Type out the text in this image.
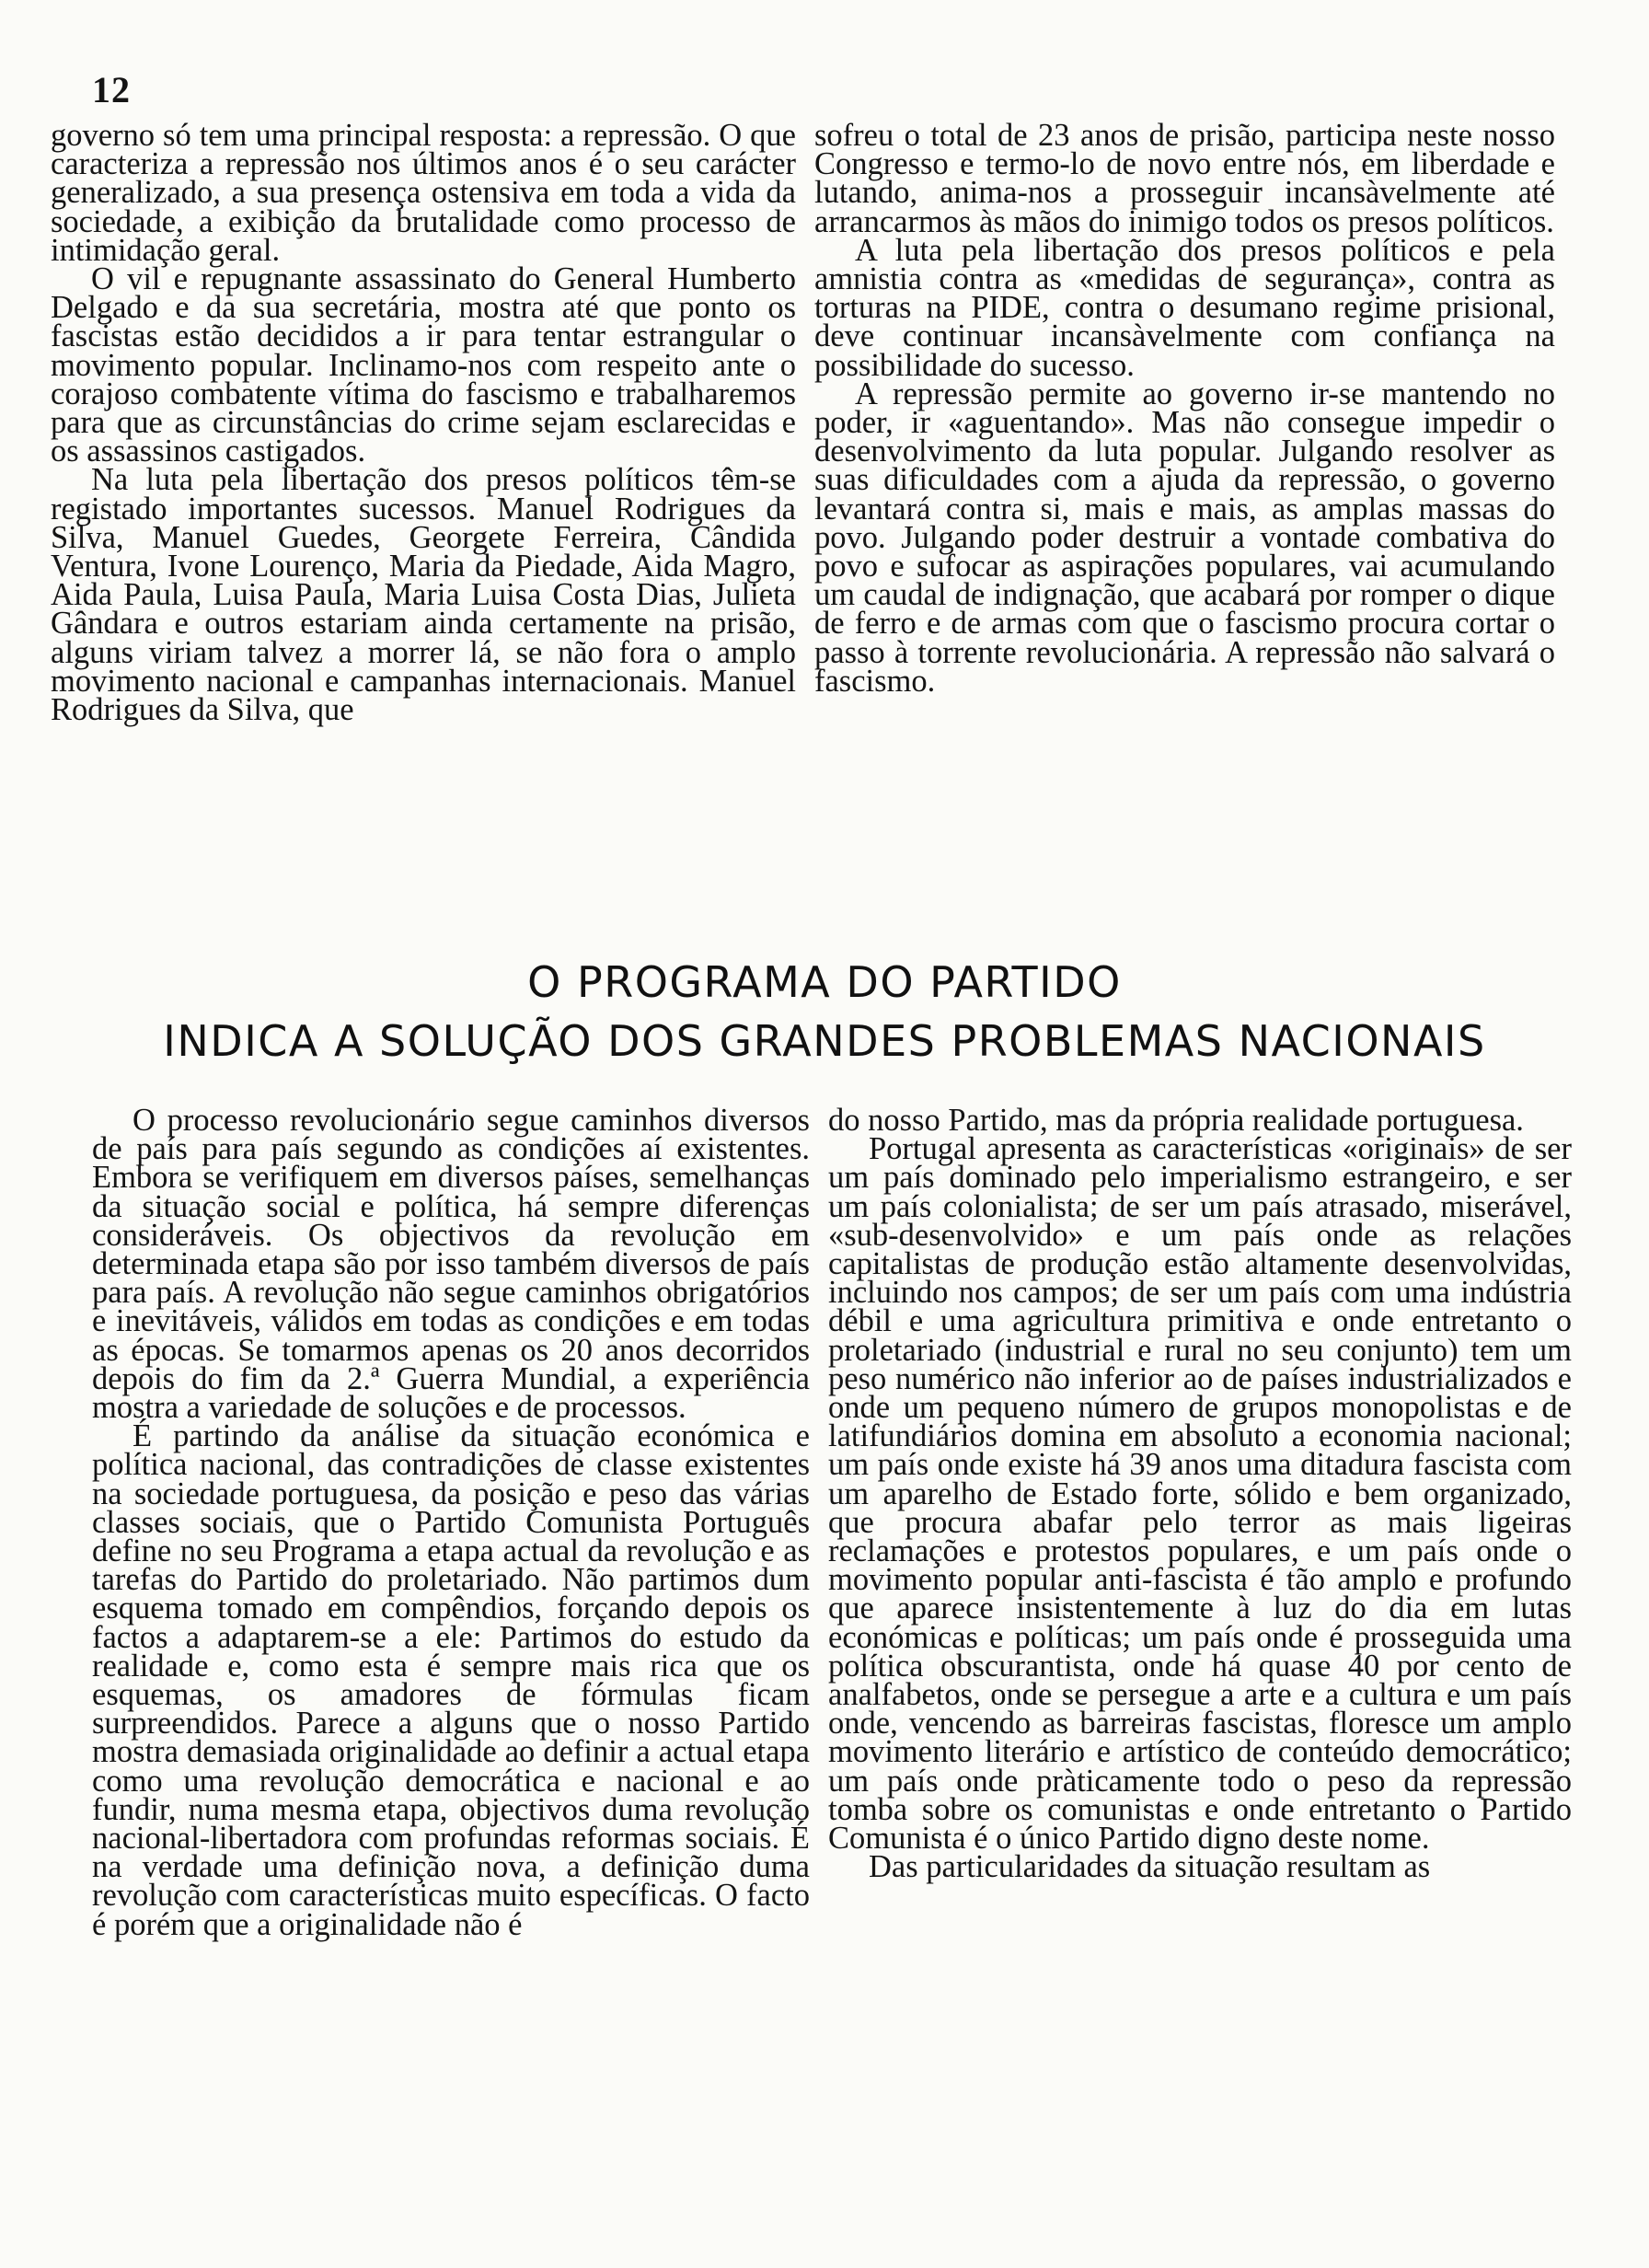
12

governo só tem uma principal resposta: a repressão. O que caracteriza a repressão nos últimos anos é o seu carácter generalizado, a sua presença ostensiva em toda a vida da sociedade, a exibição da brutalidade como processo de intimidação geral.

O vil e repugnante assassinato do General Humberto Delgado e da sua secretária, mostra até que ponto os fascistas estão decididos a ir para tentar estrangular o movimento popular. Inclinamo-nos com respeito ante o corajoso combatente vítima do fascismo e trabalharemos para que as circunstâncias do crime sejam esclarecidas e os assassinos castigados.

Na luta pela libertação dos presos políticos têm-se registado importantes sucessos. Manuel Rodrigues da Silva, Manuel Guedes, Georgete Ferreira, Cândida Ventura, Ivone Lourenço, Maria da Piedade, Aida Magro, Aida Paula, Luisa Paula, Maria Luisa Costa Dias, Julieta Gândara e outros estariam ainda certamente na prisão, alguns viriam talvez a morrer lá, se não fora o amplo movimento nacional e campanhas internacionais. Manuel Rodrigues da Silva, que

sofreu o total de 23 anos de prisão, participa neste nosso Congresso e termo-lo de novo entre nós, em liberdade e lutando, anima-nos a prosseguir incansàvelmente até arrancarmos às mãos do inimigo todos os presos políticos.

A luta pela libertação dos presos políticos e pela amnistia contra as «medidas de segurança», contra as torturas na PIDE, contra o desumano regime prisional, deve continuar incansàvelmente com confiança na possibilidade do sucesso.

A repressão permite ao governo ir-se mantendo no poder, ir «aguentando». Mas não consegue impedir o desenvolvimento da luta popular. Julgando resolver as suas dificuldades com a ajuda da repressão, o governo levantará contra si, mais e mais, as amplas massas do povo. Julgando poder destruir a vontade combativa do povo e sufocar as aspirações populares, vai acumulando um caudal de indignação, que acabará por romper o dique de ferro e de armas com que o fascismo procura cortar o passo à torrente revolucionária. A repressão não salvará o fascismo.

O PROGRAMA DO PARTIDO
INDICA A SOLUÇÃO DOS GRANDES PROBLEMAS NACIONAIS

O processo revolucionário segue caminhos diversos de país para país segundo as condições aí existentes. Embora se verifiquem em diversos países, semelhanças da situação social e política, há sempre diferenças consideráveis. Os objectivos da revolução em determinada etapa são por isso também diversos de país para país. A revolução não segue caminhos obrigatórios e inevitáveis, válidos em todas as condições e em todas as épocas. Se tomarmos apenas os 20 anos decorridos depois do fim da 2.ª Guerra Mundial, a experiência mostra a variedade de soluções e de processos.

É partindo da análise da situação económica e política nacional, das contradições de classe existentes na sociedade portuguesa, da posição e peso das várias classes sociais, que o Partido Comunista Português define no seu Programa a etapa actual da revolução e as tarefas do Partido do proletariado. Não partimos dum esquema tomado em compêndios, forçando depois os factos a adaptarem-se a ele: Partimos do estudo da realidade e, como esta é sempre mais rica que os esquemas, os amadores de fórmulas ficam surpreendidos. Parece a alguns que o nosso Partido mostra demasiada originalidade ao definir a actual etapa como uma revolução democrática e nacional e ao fundir, numa mesma etapa, objectivos duma revolução nacional-libertadora com profundas reformas sociais. É na verdade uma definição nova, a definição duma revolução com características muito específicas. O facto é porém que a originalidade não é

do nosso Partido, mas da própria realidade portuguesa.

Portugal apresenta as características «originais» de ser um país dominado pelo imperialismo estrangeiro, e ser um país colonialista; de ser um país atrasado, miserável, «sub-desenvolvido» e um país onde as relações capitalistas de produção estão altamente desenvolvidas, incluindo nos campos; de ser um país com uma indústria débil e uma agricultura primitiva e onde entretanto o proletariado (industrial e rural no seu conjunto) tem um peso numérico não inferior ao de países industrializados e onde um pequeno número de grupos monopolistas e de latifundiários domina em absoluto a economia nacional; um país onde existe há 39 anos uma ditadura fascista com um aparelho de Estado forte, sólido e bem organizado, que procura abafar pelo terror as mais ligeiras reclamações e protestos populares, e um país onde o movimento popular anti-fascista é tão amplo e profundo que aparece insistentemente à luz do dia em lutas económicas e políticas; um país onde é prosseguida uma política obscurantista, onde há quase 40 por cento de analfabetos, onde se persegue a arte e a cultura e um país onde, vencendo as barreiras fascistas, floresce um amplo movimento literário e artístico de conteúdo democrático; um país onde pràticamente todo o peso da repressão tomba sobre os comunistas e onde entretanto o Partido Comunista é o único Partido digno deste nome.

Das particularidades da situação resultam as
